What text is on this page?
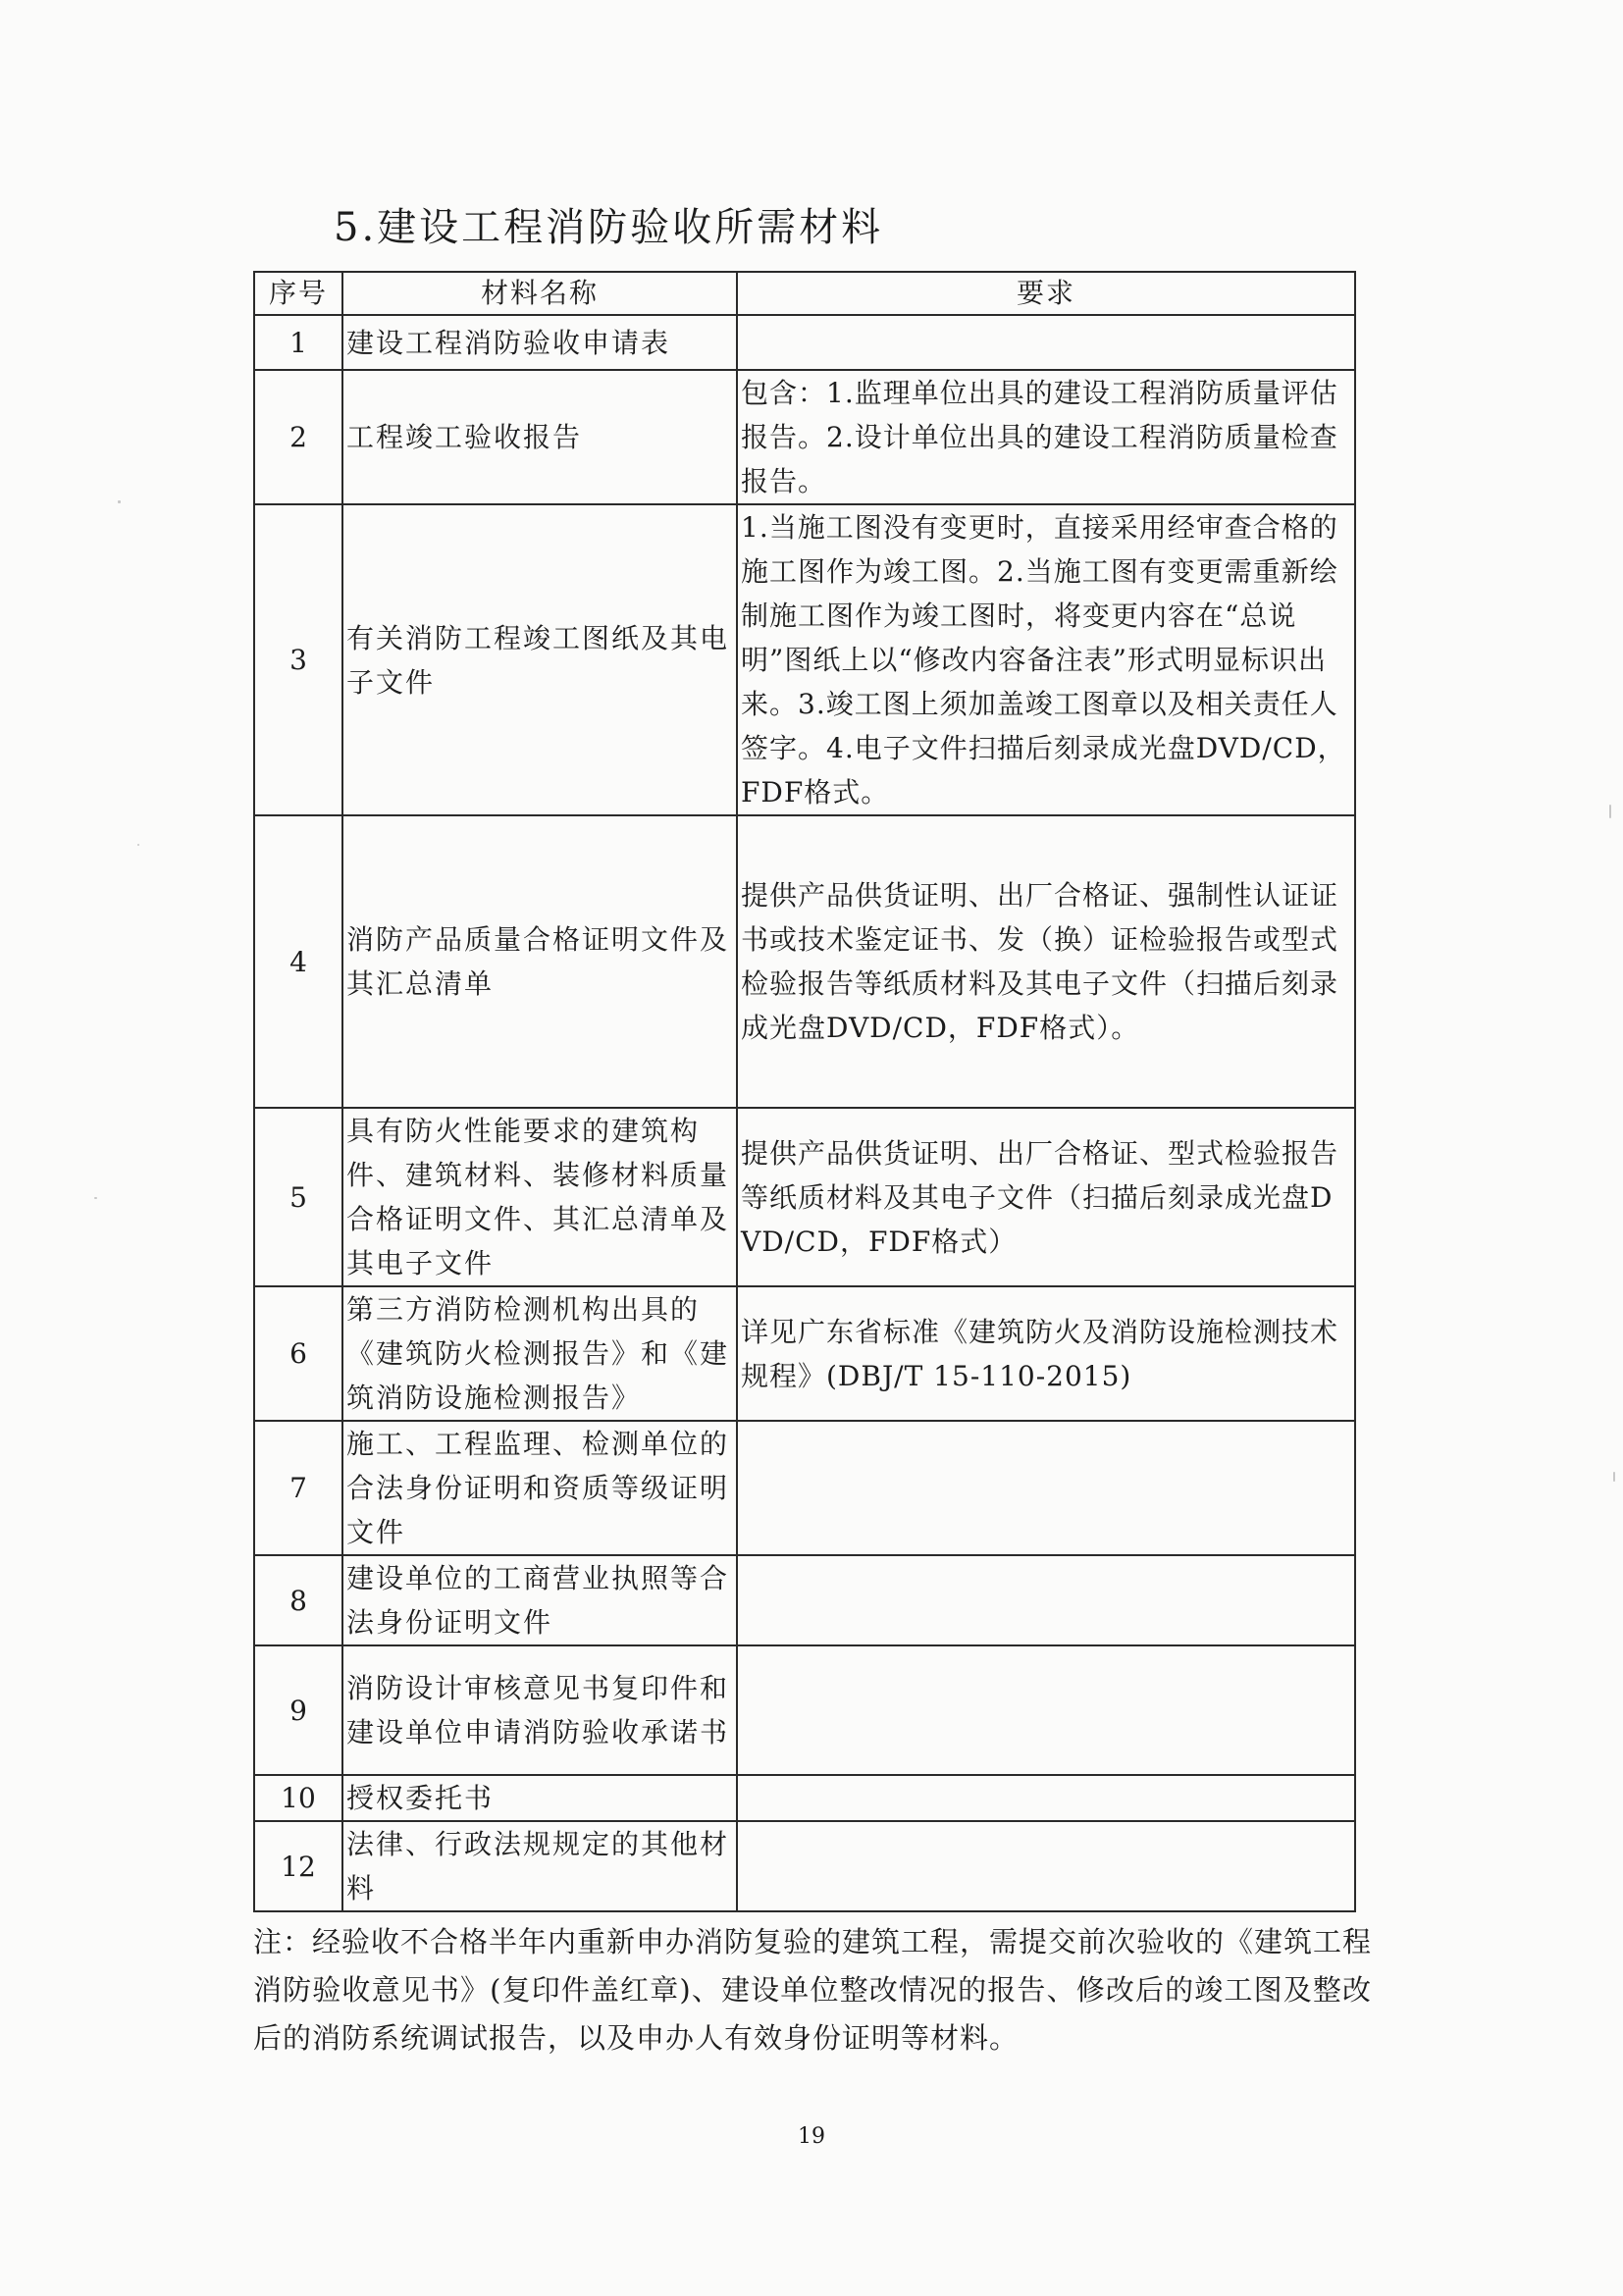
5.建设工程消防验收所需材料
序号	材料名称	要求
1	建设工程消防验收申请表	
2	工程竣工验收报告	包含：1.监理单位出具的建设工程消防质量评估报告。2.设计单位出具的建设工程消防质量检查报告。
3	有关消防工程竣工图纸及其电子文件	1.当施工图没有变更时，直接采用经审查合格的施工图作为竣工图。2.当施工图有变更需重新绘制施工图作为竣工图时，将变更内容在“总说明”图纸上以“修改内容备注表”形式明显标识出来。3.竣工图上须加盖竣工图章以及相关责任人签字。4.电子文件扫描后刻录成光盘DVD/CD，FDF格式。
4	消防产品质量合格证明文件及其汇总清单	提供产品供货证明、出厂合格证、强制性认证证书或技术鉴定证书、发（换）证检验报告或型式检验报告等纸质材料及其电子文件（扫描后刻录成光盘DVD/CD，FDF格式）。
5	具有防火性能要求的建筑构件、建筑材料、装修材料质量合格证明文件、其汇总清单及其电子文件	提供产品供货证明、出厂合格证、型式检验报告等纸质材料及其电子文件（扫描后刻录成光盘DVD/CD，FDF格式）
6	第三方消防检测机构出具的《建筑防火检测报告》和《建筑消防设施检测报告》	详见广东省标准《建筑防火及消防设施检测技术规程》(DBJ/T 15-110-2015)
7	施工、工程监理、检测单位的合法身份证明和资质等级证明文件	
8	建设单位的工商营业执照等合法身份证明文件	
9	消防设计审核意见书复印件和建设单位申请消防验收承诺书	
10	授权委托书	
12	法律、行政法规规定的其他材料	
注：经验收不合格半年内重新申办消防复验的建筑工程，需提交前次验收的《建筑工程消防验收意见书》(复印件盖红章)、建设单位整改情况的报告、修改后的竣工图及整改后的消防系统调试报告，以及申办人有效身份证明等材料。
19
